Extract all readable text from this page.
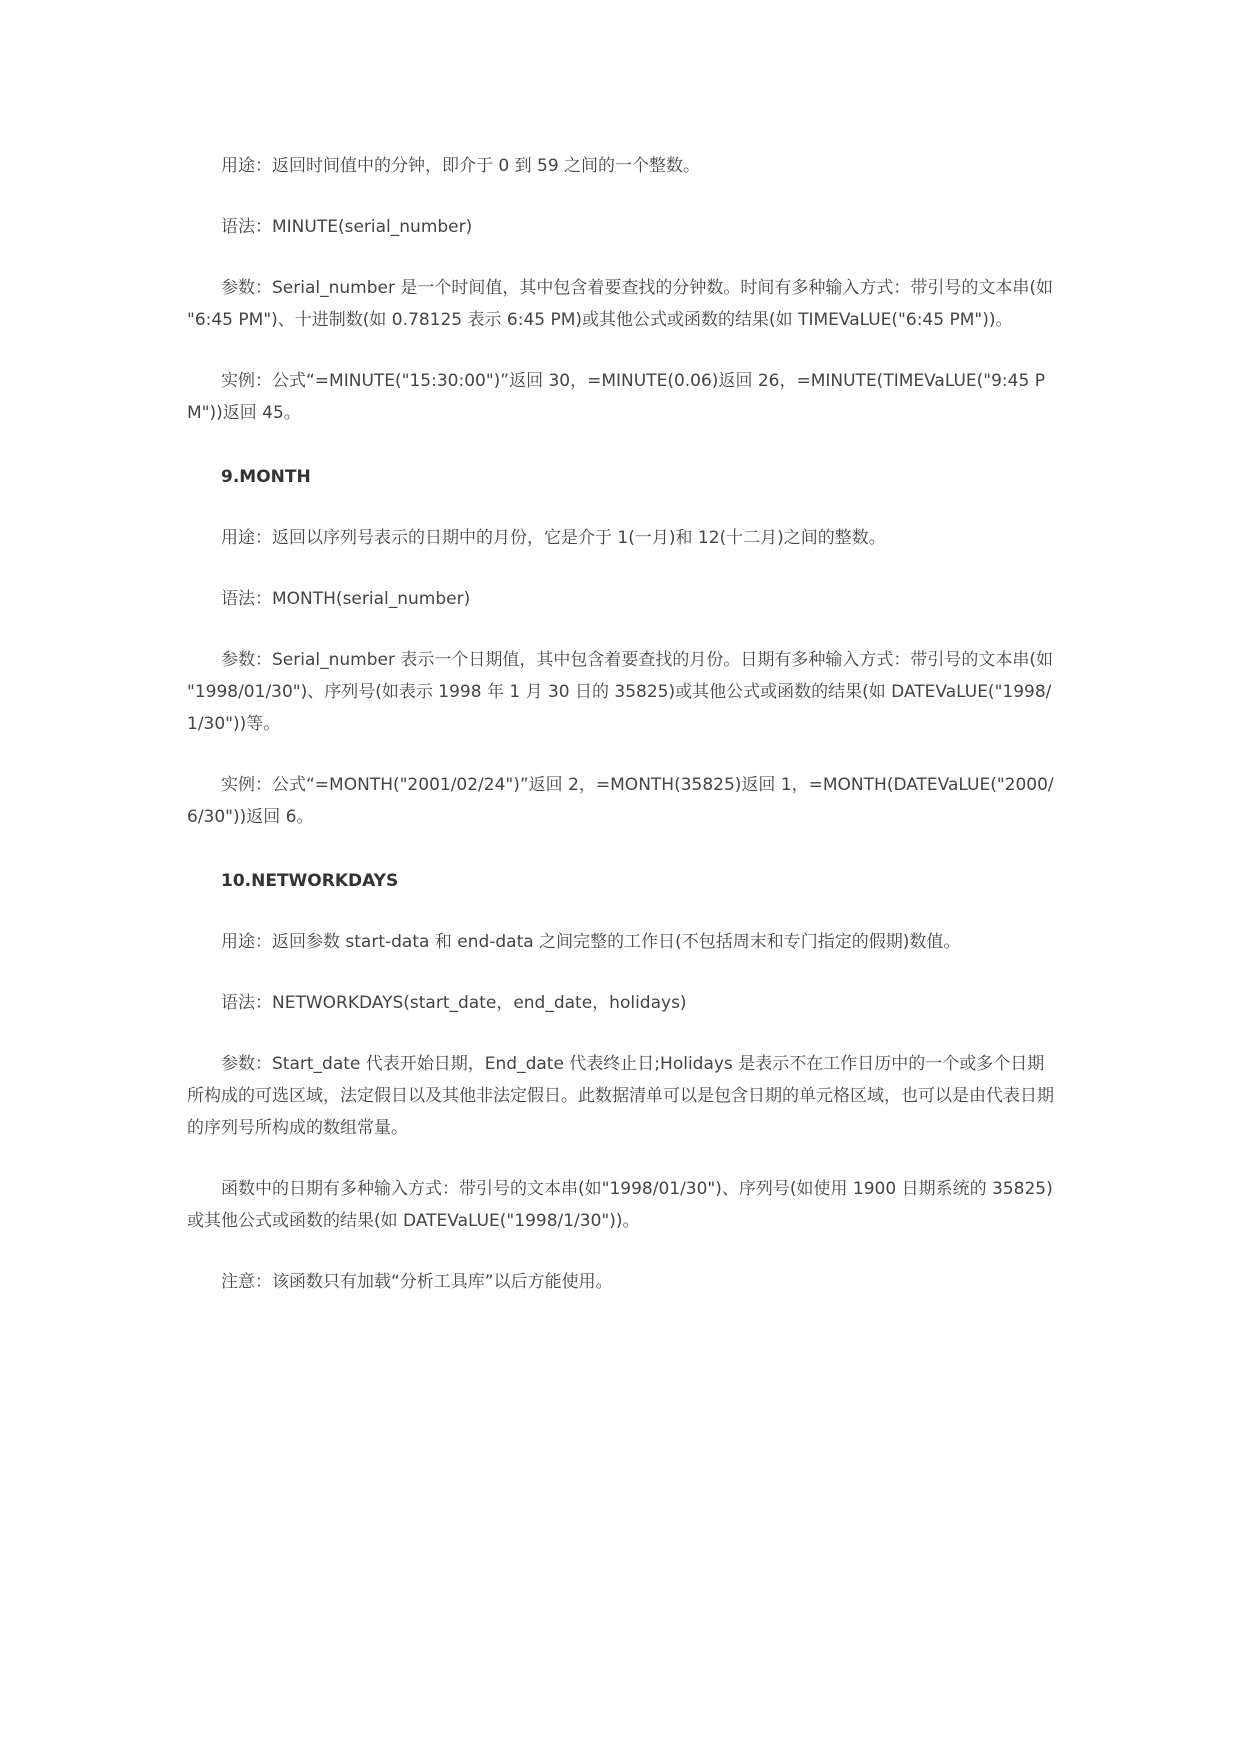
用途：返回时间值中的分钟，即介于 0 到 59 之间的一个整数。

语法：MINUTE(serial_number)

参数：Serial_number 是一个时间值，其中包含着要查找的分钟数。时间有多种输入方式：带引号的文本串(如 "6:45 PM")、十进制数(如 0.78125 表示 6:45 PM)或其他公式或函数的结果(如 TIMEVaLUE("6:45 PM"))。

实例：公式“=MINUTE("15:30:00")”返回 30，=MINUTE(0.06)返回 26，=MINUTE(TIMEVaLUE("9:45 PM"))返回 45。

9.MONTH

用途：返回以序列号表示的日期中的月份，它是介于 1(一月)和 12(十二月)之间的整数。

语法：MONTH(serial_number)

参数：Serial_number 表示一个日期值，其中包含着要查找的月份。日期有多种输入方式：带引号的文本串(如 "1998/01/30")、序列号(如表示 1998 年 1 月 30 日的 35825)或其他公式或函数的结果(如 DATEVaLUE("1998/1/30"))等。

实例：公式“=MONTH("2001/02/24")”返回 2，=MONTH(35825)返回 1，=MONTH(DATEVaLUE("2000/6/30"))返回 6。

10.NETWORKDAYS

用途：返回参数 start-data 和 end-data 之间完整的工作日(不包括周末和专门指定的假期)数值。

语法：NETWORKDAYS(start_date，end_date，holidays)

参数：Start_date 代表开始日期，End_date 代表终止日;Holidays 是表示不在工作日历中的一个或多个日期所构成的可选区域，法定假日以及其他非法定假日。此数据清单可以是包含日期的单元格区域，也可以是由代表日期的序列号所构成的数组常量。

函数中的日期有多种输入方式：带引号的文本串(如"1998/01/30")、序列号(如使用 1900 日期系统的 35825)或其他公式或函数的结果(如 DATEVaLUE("1998/1/30"))。

注意：该函数只有加载“分析工具库”以后方能使用。
